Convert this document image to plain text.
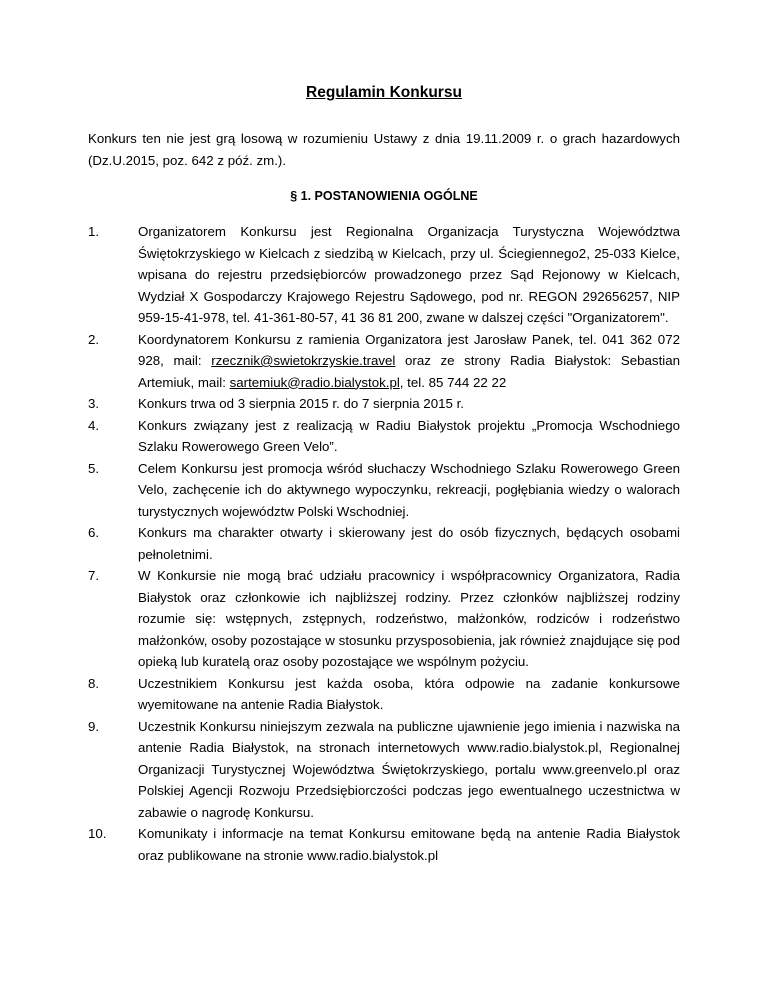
Regulamin Konkursu

Konkurs ten nie jest grą losową w rozumieniu Ustawy z dnia 19.11.2009 r. o grach hazardowych (Dz.U.2015, poz. 642 z póź. zm.).

§ 1. POSTANOWIENIA OGÓLNE
1.	Organizatorem Konkursu jest Regionalna Organizacja Turystyczna Województwa Świętokrzyskiego w Kielcach z siedzibą w Kielcach, przy ul. Ściegiennego2, 25-033 Kielce, wpisana do rejestru przedsiębiorców prowadzonego przez Sąd Rejonowy w Kielcach, Wydział X Gospodarczy Krajowego Rejestru Sądowego, pod nr. REGON 292656257, NIP 959-15-41-978, tel. 41-361-80-57, 41 36 81 200, zwane w dalszej części "Organizatorem".
2.	Koordynatorem Konkursu z ramienia Organizatora jest Jarosław Panek, tel. 041 362 072 928, mail: rzecznik@swietokrzyskie.travel oraz ze strony Radia Białystok: Sebastian Artemiuk, mail: sartemiuk@radio.bialystok.pl, tel. 85 744 22 22
3.	Konkurs trwa od 3 sierpnia 2015 r. do 7 sierpnia 2015 r.
4.	Konkurs związany jest z realizacją w Radiu Białystok projektu „Promocja Wschodniego Szlaku Rowerowego Green Velo”.
5.	Celem Konkursu jest promocja wśród słuchaczy Wschodniego Szlaku Rowerowego Green Velo, zachęcenie ich do aktywnego wypoczynku, rekreacji, pogłębiania wiedzy o walorach turystycznych województw Polski Wschodniej.
6.	Konkurs ma charakter otwarty i skierowany jest do osób fizycznych, będących osobami pełnoletnimi.
7.	W Konkursie nie mogą brać udziału pracownicy i współpracownicy Organizatora, Radia Białystok oraz członkowie ich najbliższej rodziny. Przez członków najbliższej rodziny rozumie się: wstępnych, zstępnych, rodzeństwo, małżonków, rodziców i rodzeństwo małżonków, osoby pozostające w stosunku przysposobienia, jak również znajdujące się pod opieką lub kuratelą oraz osoby pozostające we wspólnym pożyciu.
8.	Uczestnikiem Konkursu jest każda osoba, która odpowie na zadanie konkursowe wyemitowane na antenie Radia Białystok.
9.	Uczestnik Konkursu niniejszym zezwala na publiczne ujawnienie jego imienia i nazwiska na antenie Radia Białystok, na stronach internetowych www.radio.bialystok.pl, Regionalnej Organizacji Turystycznej Województwa Świętokrzyskiego, portalu www.greenvelo.pl oraz Polskiej Agencji Rozwoju Przedsiębiorczości podczas jego ewentualnego uczestnictwa w zabawie o nagrodę Konkursu.
10.	Komunikaty i informacje na temat Konkursu emitowane będą na antenie Radia Białystok oraz publikowane na stronie www.radio.bialystok.pl
